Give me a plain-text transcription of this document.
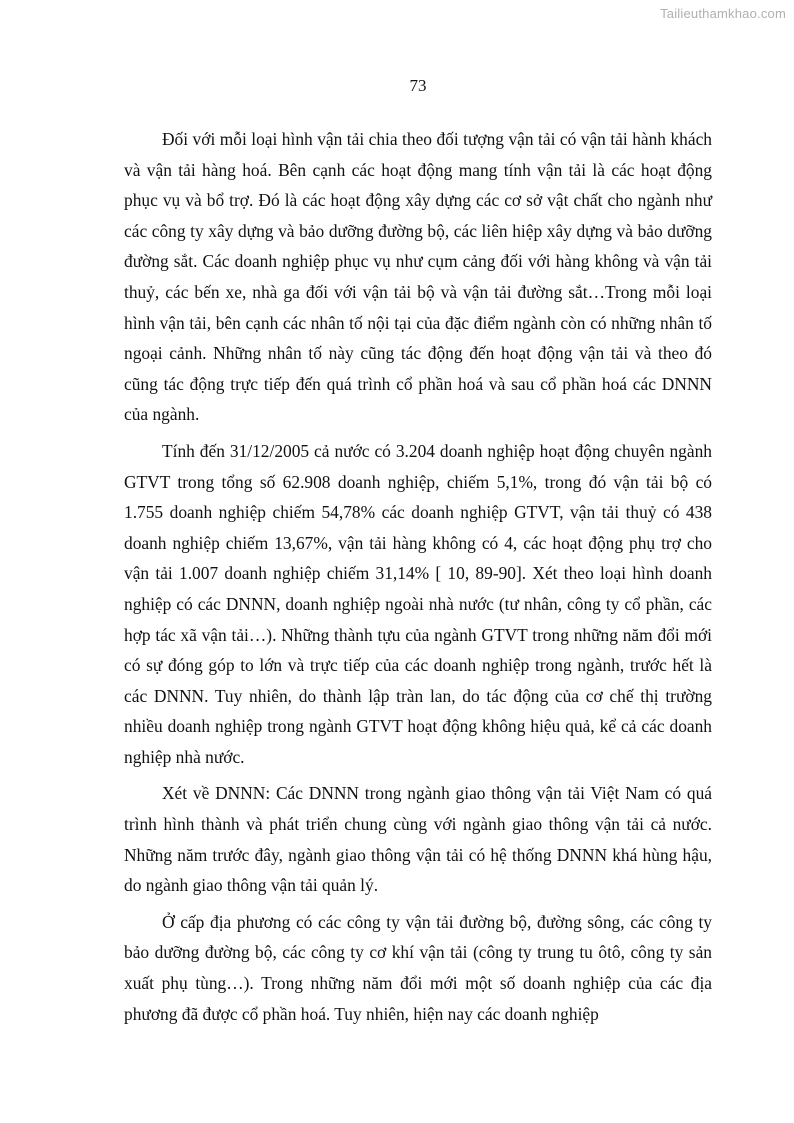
Tailieuthamkhao.com
73

Đối với mỗi loại hình vận tải chia theo đối tượng vận tải có vận tải hành khách và vận tải hàng hoá. Bên cạnh các hoạt động mang tính vận tải là các hoạt động phục vụ và bổ trợ. Đó là các hoạt động xây dựng các cơ sở vật chất cho ngành như các công ty xây dựng và bảo dưỡng đường bộ, các liên hiệp xây dựng và bảo dưỡng đường sắt. Các doanh nghiệp phục vụ như cụm cảng đối với hàng không và vận tải thuỷ, các bến xe, nhà ga đối với vận tải bộ và vận tải đường sắt…Trong mỗi loại hình vận tải, bên cạnh các nhân tố nội tại của đặc điểm ngành còn có những nhân tố ngoại cảnh. Những nhân tố này cũng tác động đến hoạt động vận tải và theo đó cũng tác động trực tiếp đến quá trình cổ phần hoá và sau cổ phần hoá các DNNN của ngành.

Tính đến 31/12/2005 cả nước có 3.204 doanh nghiệp hoạt động chuyên ngành GTVT trong tổng số 62.908 doanh nghiệp, chiếm 5,1%, trong đó vận tải bộ có 1.755 doanh nghiệp chiếm 54,78% các doanh nghiệp GTVT, vận tải thuỷ có 438 doanh nghiệp chiếm 13,67%, vận tải hàng không có 4, các hoạt động phụ trợ cho vận tải 1.007 doanh nghiệp chiếm 31,14% [ 10, 89-90]. Xét theo loại hình doanh nghiệp có các DNNN, doanh nghiệp ngoài nhà nước (tư nhân, công ty cổ phần, các hợp tác xã vận tải…). Những thành tựu của ngành GTVT trong những năm đổi mới có sự đóng góp to lớn và trực tiếp của các doanh nghiệp trong ngành, trước hết là các DNNN. Tuy nhiên, do thành lập tràn lan, do tác động của cơ chế thị trường nhiều doanh nghiệp trong ngành GTVT hoạt động không hiệu quả, kể cả các doanh nghiệp nhà nước.

Xét về DNNN: Các DNNN trong ngành giao thông vận tải Việt Nam có quá trình hình thành và phát triển chung cùng với ngành giao thông vận tải cả nước. Những năm trước đây, ngành giao thông vận tải có hệ thống DNNN khá hùng hậu, do ngành giao thông vận tải quản lý.

Ở cấp địa phương có các công ty vận tải đường bộ, đường sông, các công ty bảo dưỡng đường bộ, các công ty cơ khí vận tải (công ty trung tu ôtô, công ty sản xuất phụ tùng…). Trong những năm đổi mới một số doanh nghiệp của các địa phương đã được cổ phần hoá. Tuy nhiên, hiện nay các doanh nghiệp
